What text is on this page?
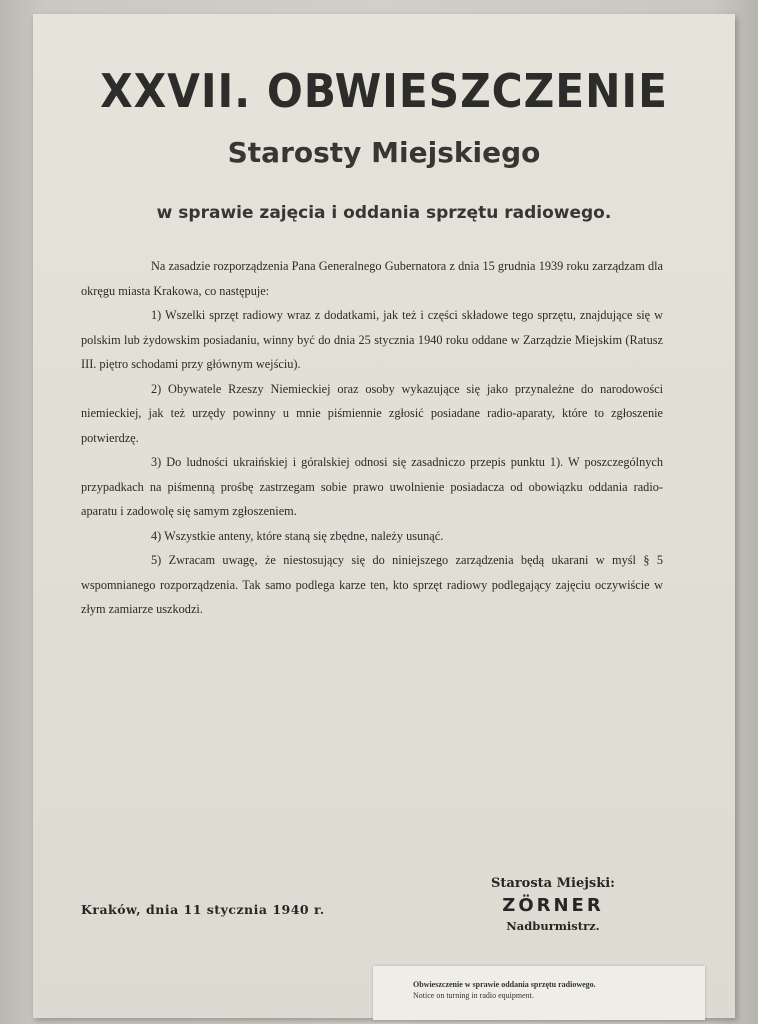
XXVII. OBWIESZCZENIE
Starosty Miejskiego
w sprawie zajęcia i oddania sprzętu radiowego.

Na zasadzie rozporządzenia Pana Generalnego Gubernatora z dnia 15 grudnia 1939 roku zarządzam dla okręgu miasta Krakowa, co następuje:

1) Wszelki sprzęt radiowy wraz z dodatkami, jak też i części składowe tego sprzętu, znajdujące się w polskim lub żydowskim posiadaniu, winny być do dnia 25 stycznia 1940 roku oddane w Zarządzie Miejskim (Ratusz III. piętro schodami przy głównym wejściu).

2) Obywatele Rzeszy Niemieckiej oraz osoby wykazujące się jako przynależne do narodowości niemieckiej, jak też urzędy powinny u mnie piśmiennie zgłosić posiadane radio-aparaty, które to zgłoszenie potwierdzę.

3) Do ludności ukraińskiej i góralskiej odnosi się zasadniczo przepis punktu 1). W poszczególnych przypadkach na piśmenną prośbę zastrzegam sobie prawo uwolnienie posiadacza od obowiązku oddania radio-aparatu i zadowolę się samym zgłoszeniem.

4) Wszystkie anteny, które staną się zbędne, należy usunąć.

5) Zwracam uwagę, że niestosujący się do niniejszego zarządzenia będą ukarani w myśl § 5 wspomnianego rozporządzenia. Tak samo podlega karze ten, kto sprzęt radiowy podlegający zajęciu oczywiście w złym zamiarze uszkodzi.

Kraków, dnia 11 stycznia 1940 r.
Starosta Miejski:
ZÖRNER
Nadburmistrz.
Obwieszczenie w sprawie oddania sprzętu radiowego.
Notice on turning in radio equipment.
